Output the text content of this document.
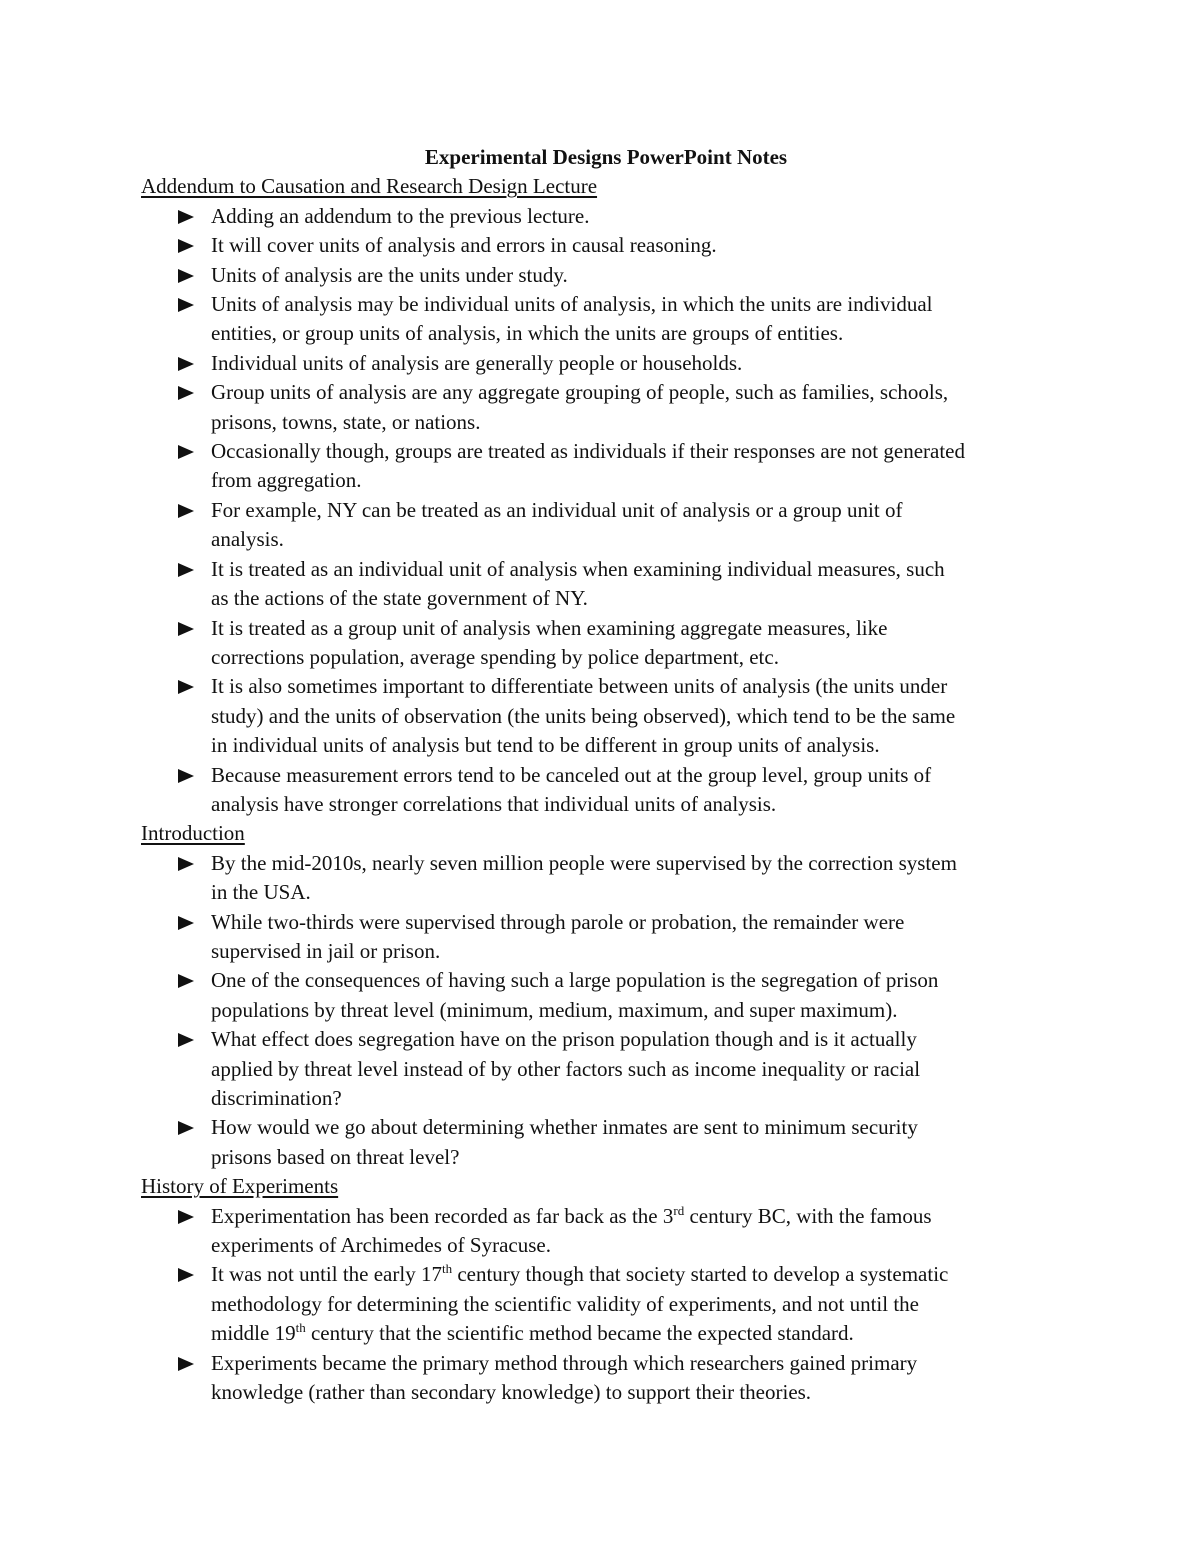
Experimental Designs PowerPoint Notes

Addendum to Causation and Research Design Lecture

Adding an addendum to the previous lecture.
It will cover units of analysis and errors in causal reasoning.
Units of analysis are the units under study.
Units of analysis may be individual units of analysis, in which the units are individual
entities, or group units of analysis, in which the units are groups of entities.
Individual units of analysis are generally people or households.
Group units of analysis are any aggregate grouping of people, such as families, schools,
prisons, towns, state, or nations.
Occasionally though, groups are treated as individuals if their responses are not generated
from aggregation.
For example, NY can be treated as an individual unit of analysis or a group unit of
analysis.
It is treated as an individual unit of analysis when examining individual measures, such
as the actions of the state government of NY.
It is treated as a group unit of analysis when examining aggregate measures, like
corrections population, average spending by police department, etc.
It is also sometimes important to differentiate between units of analysis (the units under
study) and the units of observation (the units being observed), which tend to be the same
in individual units of analysis but tend to be different in group units of analysis.
Because measurement errors tend to be canceled out at the group level, group units of
analysis have stronger correlations that individual units of analysis.

Introduction

By the mid-2010s, nearly seven million people were supervised by the correction system
in the USA.
While two-thirds were supervised through parole or probation, the remainder were
supervised in jail or prison.
One of the consequences of having such a large population is the segregation of prison
populations by threat level (minimum, medium, maximum, and super maximum).
What effect does segregation have on the prison population though and is it actually
applied by threat level instead of by other factors such as income inequality or racial
discrimination?
How would we go about determining whether inmates are sent to minimum security
prisons based on threat level?

History of Experiments

Experimentation has been recorded as far back as the 3rd century BC, with the famous
experiments of Archimedes of Syracuse.
It was not until the early 17th century though that society started to develop a systematic
methodology for determining the scientific validity of experiments, and not until the
middle 19th century that the scientific method became the expected standard.
Experiments became the primary method through which researchers gained primary
knowledge (rather than secondary knowledge) to support their theories.
